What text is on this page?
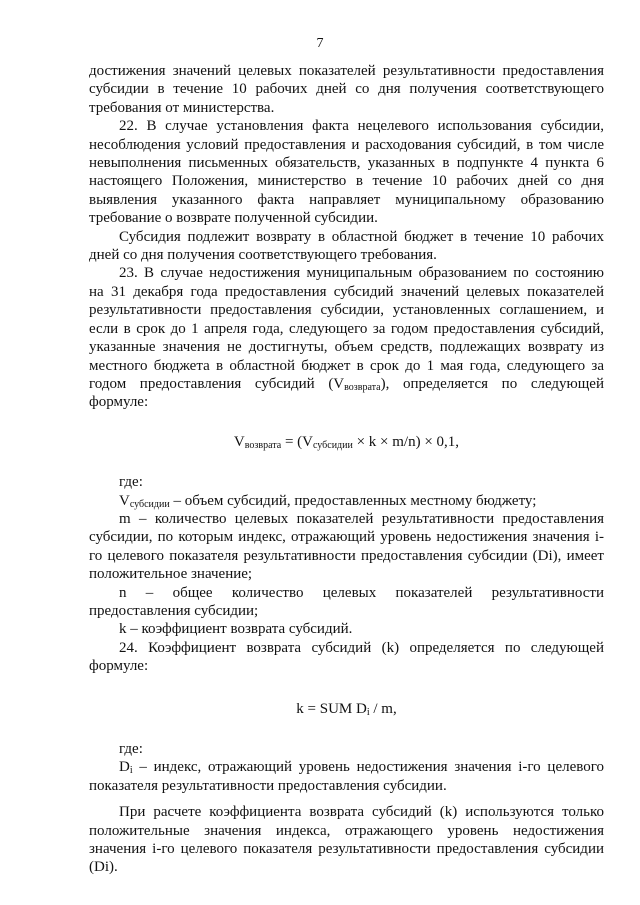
7

достижения значений целевых показателей результативности предоставления субсидии в течение 10 рабочих дней со дня получения соответствующего требования от министерства.

22. В случае установления факта нецелевого использования субсидии, несоблюдения условий предоставления и расходования субсидий, в том числе невыполнения письменных обязательств, указанных в подпункте 4 пункта 6 настоящего Положения, министерство в течение 10 рабочих дней со дня выявления указанного факта направляет муниципальному образованию требование о возврате полученной субсидии.

Субсидия подлежит возврату в областной бюджет в течение 10 рабочих дней со дня получения соответствующего требования.

23. В случае недостижения муниципальным образованием по состоянию на 31 декабря года предоставления субсидий значений целевых показателей результативности предоставления субсидии, установленных соглашением, и если в срок до 1 апреля года, следующего за годом предоставления субсидий, указанные значения не достигнуты, объем средств, подлежащих возврату из местного бюджета в областной бюджет в срок до 1 мая года, следующего за годом предоставления субсидий $(V_{возврата})$, определяется по следующей формуле:

$V_{возврата} = (V_{субсидии} \times k \times m/n) \times 0,1$,

где:

$V_{субсидии}$ – объем субсидий, предоставленных местному бюджету;

m – количество целевых показателей результативности предоставления субсидии, по которым индекс, отражающий уровень недостижения значения i-го целевого показателя результативности предоставления субсидии (Di), имеет положительное значение;

n – общее количество целевых показателей результативности предоставления субсидии;

k – коэффициент возврата субсидий.

24. Коэффициент возврата субсидий (k) определяется по следующей формуле:

k = SUM $D_i$ / m,

где:

$D_i$ – индекс, отражающий уровень недостижения значения i-го целевого показателя результативности предоставления субсидии.

При расчете коэффициента возврата субсидий (k) используются только положительные значения индекса, отражающего уровень недостижения значения i-го целевого показателя результативности предоставления субсидии (Di).
